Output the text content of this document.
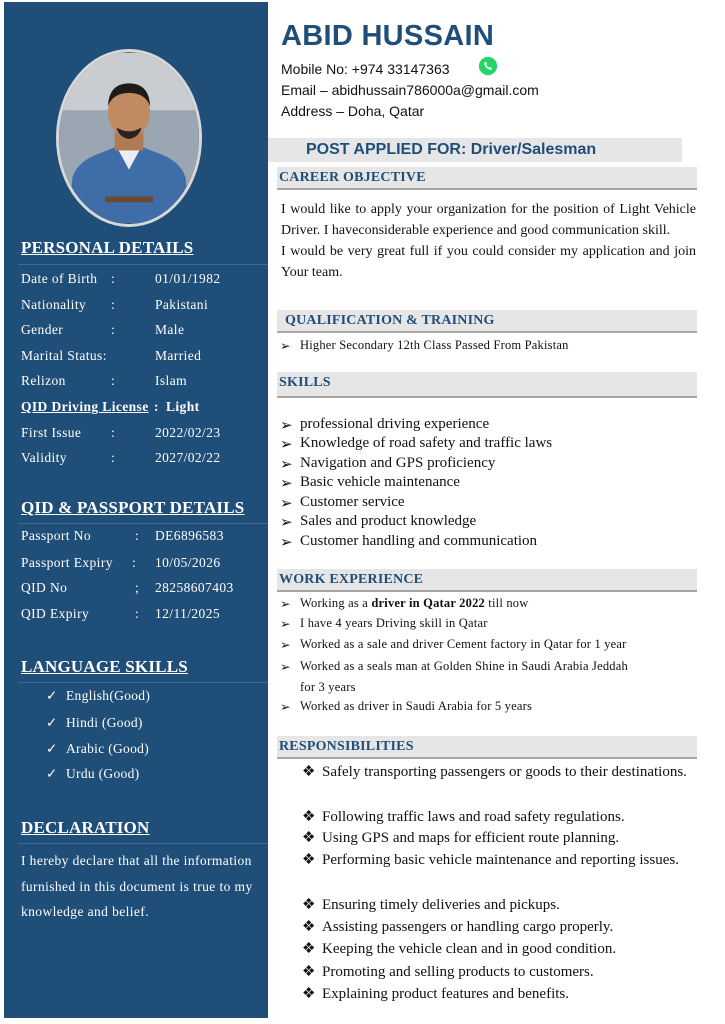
PERSONAL DETAILS
Date of Birth :	01/01/1982
Nationality :	Pakistani
Gender	:	Male
Marital Status:	Married
Relizon	:	Islam
QID Driving License : Light
First Issue :	2022/02/23
Validity	:	2027/02/22
QID & PASSPORT DETAILS
Passport No	: DE6896583
Passport Expiry : 10/05/2026
QID No	; 28258607403
QID Expiry	: 12/11/2025
LANGUAGE SKILLS
✓ English(Good)
✓ Hindi (Good)
✓ Arabic (Good)
✓ Urdu (Good)
DECLARATION
I hereby declare that all the information furnished in this document is true to my knowledge and belief.
ABID HUSSAIN
Mobile No: +974 33147363
Email – abidhussain786000a@gmail.com
Address – Doha, Qatar
POST APPLIED FOR: Driver/Salesman
CAREER OBJECTIVE
I would like to apply your organization for the position of Light Vehicle Driver. I haveconsiderable experience and good communication skill.
I would be very great full if you could consider my application and join Your team.
QUALIFICATION & TRAINING
➢ Higher Secondary 12th Class Passed From Pakistan
SKILLS
➢ professional driving experience
➢ Knowledge of road safety and traffic laws
➢ Navigation and GPS proficiency
➢ Basic vehicle maintenance
➢ Customer service
➢ Sales and product knowledge
➢ Customer handling and communication
WORK EXPERIENCE
➢ Working as a driver in Qatar 2022 till now
➢ I have 4 years Driving skill in Qatar
➢ Worked as a sale and driver Cement factory in Qatar for 1 year
➢ Worked as a seals man at Golden Shine in Saudi Arabia Jeddah
for 3 years
➢ Worked as driver in Saudi Arabia for 5 years
RESPONSIBILITIES
❖ Safely transporting passengers or goods to their destinations.
❖ Following traffic laws and road safety regulations.
❖ Using GPS and maps for efficient route planning.
❖ Performing basic vehicle maintenance and reporting issues.
❖ Ensuring timely deliveries and pickups.
❖ Assisting passengers or handling cargo properly.
❖ Keeping the vehicle clean and in good condition.
❖ Promoting and selling products to customers.
❖ Explaining product features and benefits.
